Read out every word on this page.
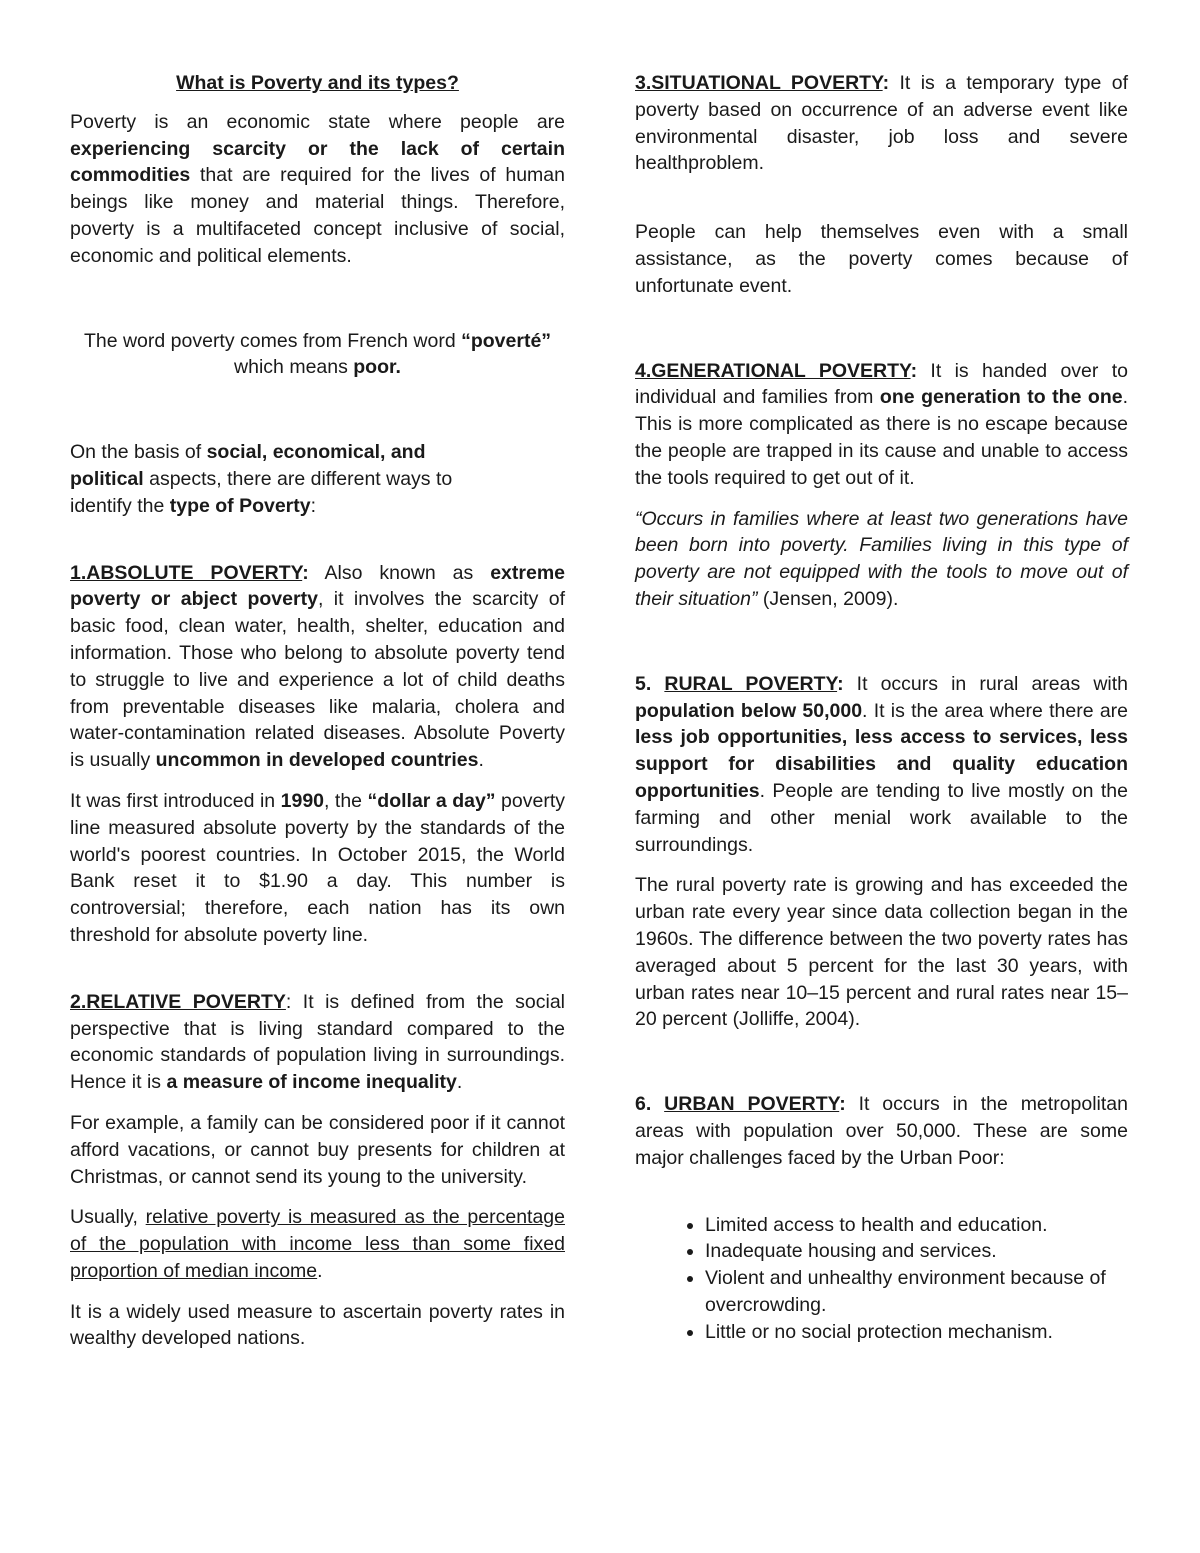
What is Poverty and its types?

Poverty is an economic state where people are experiencing scarcity or the lack of certain commodities that are required for the lives of human beings like money and material things. Therefore, poverty is a multifaceted concept inclusive of social, economic and political elements.

The word poverty comes from French word “poverté” which means poor.

On the basis of social, economical, and political aspects, there are different ways to identify the type of Poverty:

1.ABSOLUTE POVERTY: Also known as extreme poverty or abject poverty, it involves the scarcity of basic food, clean water, health, shelter, education and information. Those who belong to absolute poverty tend to struggle to live and experience a lot of child deaths from preventable diseases like malaria, cholera and water-contamination related diseases. Absolute Poverty is usually uncommon in developed countries.

It was first introduced in 1990, the “dollar a day” poverty line measured absolute poverty by the standards of the world's poorest countries. In October 2015, the World Bank reset it to $1.90 a day. This number is controversial; therefore, each nation has its own threshold for absolute poverty line.

2.RELATIVE POVERTY: It is defined from the social perspective that is living standard compared to the economic standards of population living in surroundings. Hence it is a measure of income inequality.

For example, a family can be considered poor if it cannot afford vacations, or cannot buy presents for children at Christmas, or cannot send its young to the university.

Usually, relative poverty is measured as the percentage of the population with income less than some fixed proportion of median income.

It is a widely used measure to ascertain poverty rates in wealthy developed nations.

3.SITUATIONAL POVERTY: It is a temporary type of poverty based on occurrence of an adverse event like environmental disaster, job loss and severe healthproblem.

People can help themselves even with a small assistance, as the poverty comes because of unfortunate event.

4.GENERATIONAL POVERTY: It is handed over to individual and families from one generation to the one. This is more complicated as there is no escape because the people are trapped in its cause and unable to access the tools required to get out of it.

“Occurs in families where at least two generations have been born into poverty. Families living in this type of poverty are not equipped with the tools to move out of their situation” (Jensen, 2009).

5. RURAL POVERTY: It occurs in rural areas with population below 50,000. It is the area where there are less job opportunities, less access to services, less support for disabilities and quality education opportunities. People are tending to live mostly on the farming and other menial work available to the surroundings.

The rural poverty rate is growing and has exceeded the urban rate every year since data collection began in the 1960s. The difference between the two poverty rates has averaged about 5 percent for the last 30 years, with urban rates near 10–15 percent and rural rates near 15–20 percent (Jolliffe, 2004).

6. URBAN POVERTY: It occurs in the metropolitan areas with population over 50,000. These are some major challenges faced by the Urban Poor:

• Limited access to health and education.
• Inadequate housing and services.
• Violent and unhealthy environment because of overcrowding.
• Little or no social protection mechanism.
